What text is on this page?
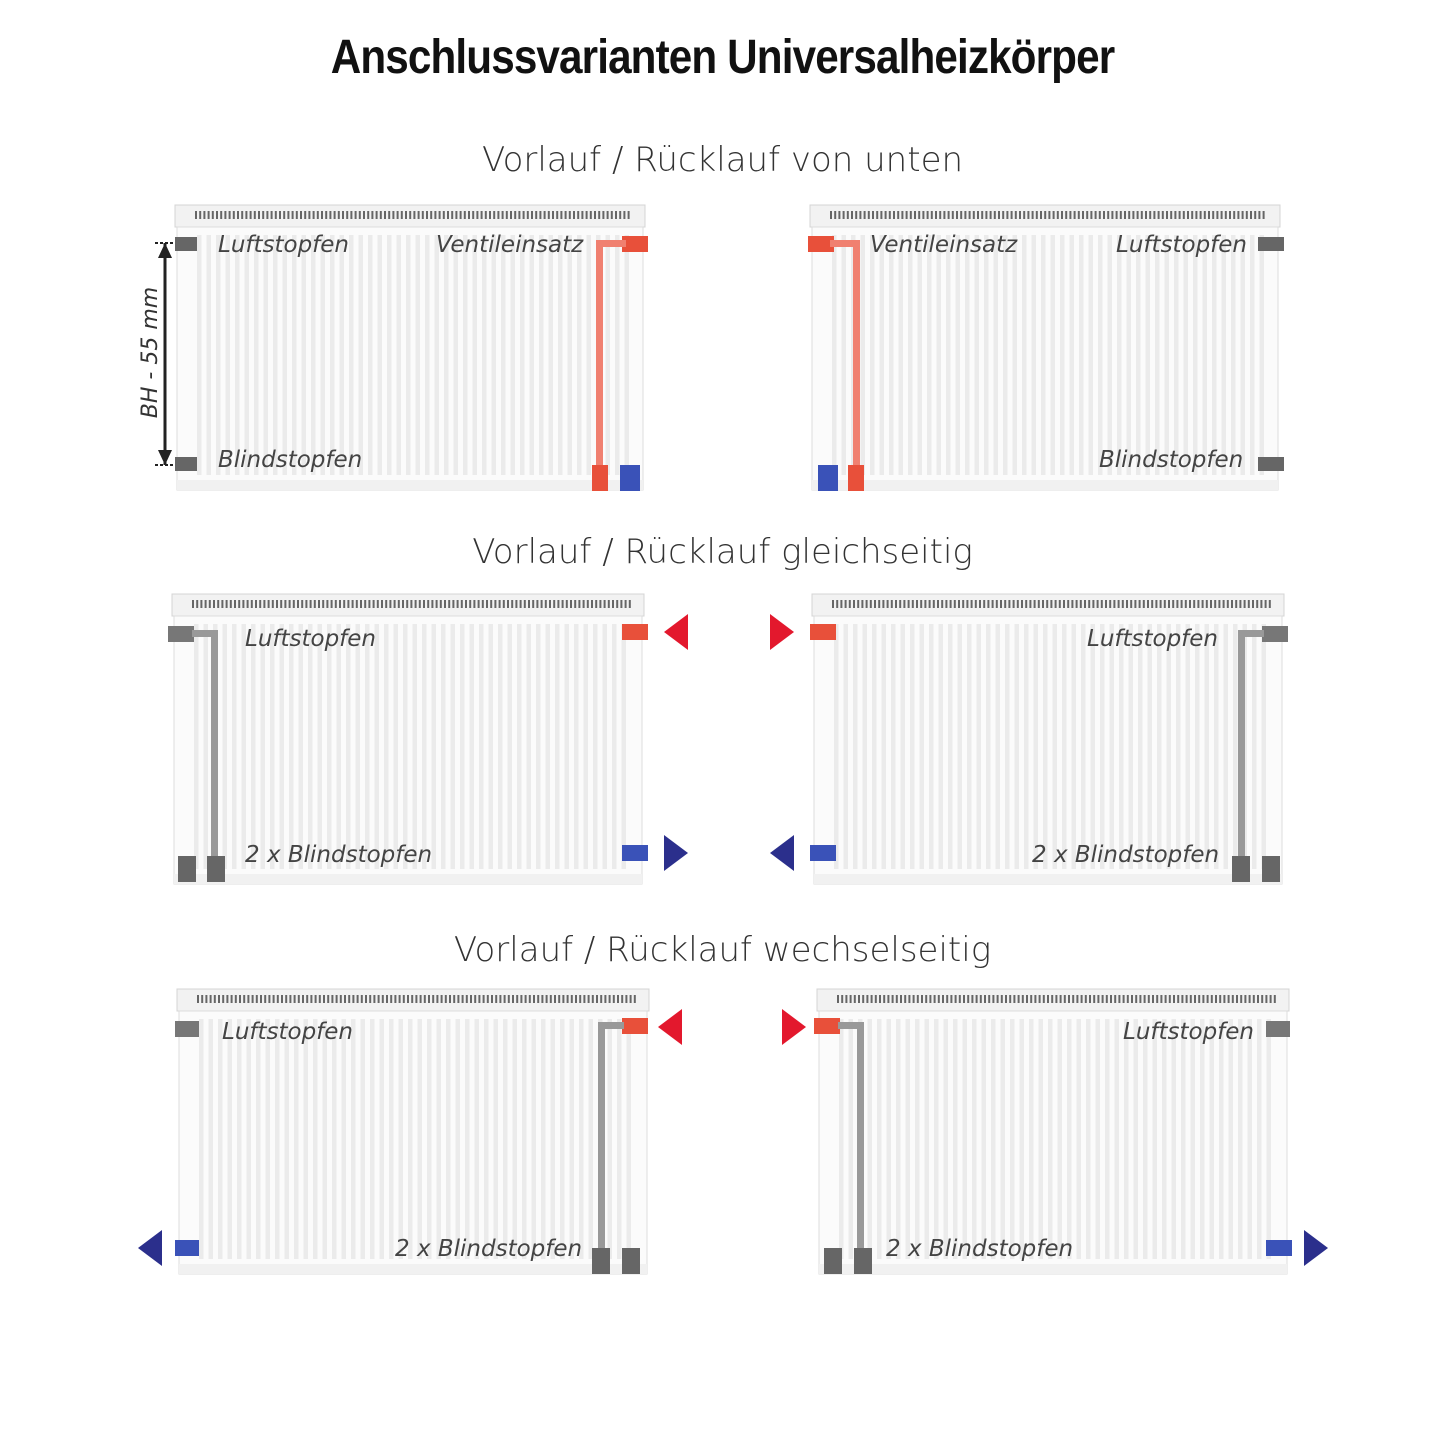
Anschlussvarianten Universalheizkörper
Vorlauf / Rücklauf von unten
Vorlauf / Rücklauf gleichseitig
Vorlauf / Rücklauf wechselseitig
BH - 55 mm
Luftstopfen	Ventileinsatz
Blindstopfen
Ventileinsatz	Luftstopfen
Blindstopfen
Luftstopfen
2 x Blindstopfen
Luftstopfen
2 x Blindstopfen
Luftstopfen
2 x Blindstopfen
Luftstopfen
2 x Blindstopfen
